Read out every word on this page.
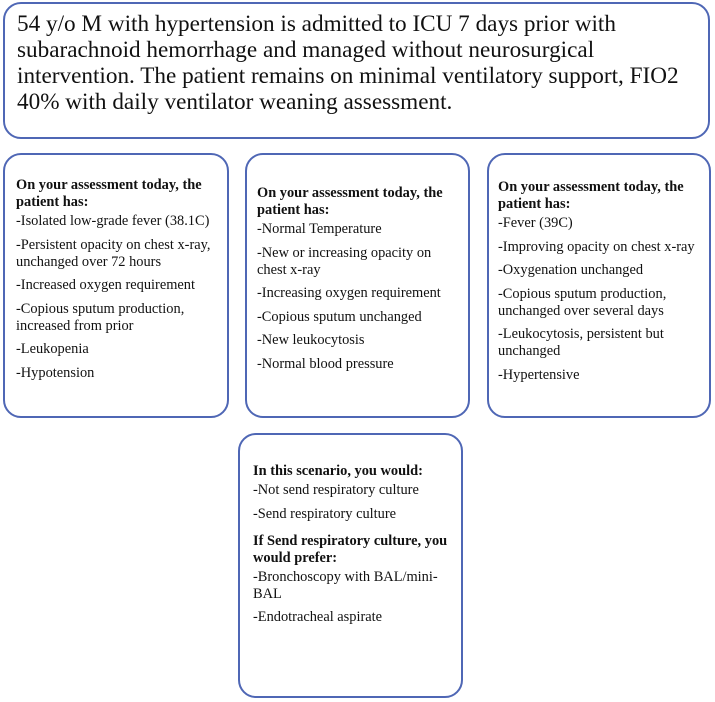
54 y/o M with hypertension is admitted to ICU 7 days prior with subarachnoid hemorrhage and managed without neurosurgical intervention. The patient remains on minimal ventilatory support, FIO2 40% with daily ventilator weaning assessment.

On your assessment today, the patient has:
-Isolated low-grade fever (38.1C)
-Persistent opacity on chest x-ray, unchanged over 72 hours
-Increased oxygen requirement
-Copious sputum production, increased from prior
-Leukopenia
-Hypotension
On your assessment today, the patient has:
-Normal Temperature
-New or increasing opacity on chest x-ray
-Increasing oxygen requirement
-Copious sputum unchanged
-New leukocytosis
-Normal blood pressure
On your assessment today, the patient has:
-Fever (39C)
-Improving opacity on chest x-ray
-Oxygenation unchanged
-Copious sputum production, unchanged over several days
-Leukocytosis, persistent but unchanged
-Hypertensive
In this scenario, you would:
-Not send respiratory culture
-Send respiratory culture
If Send respiratory culture, you would prefer:
-Bronchoscopy with BAL/mini-BAL
-Endotracheal aspirate
